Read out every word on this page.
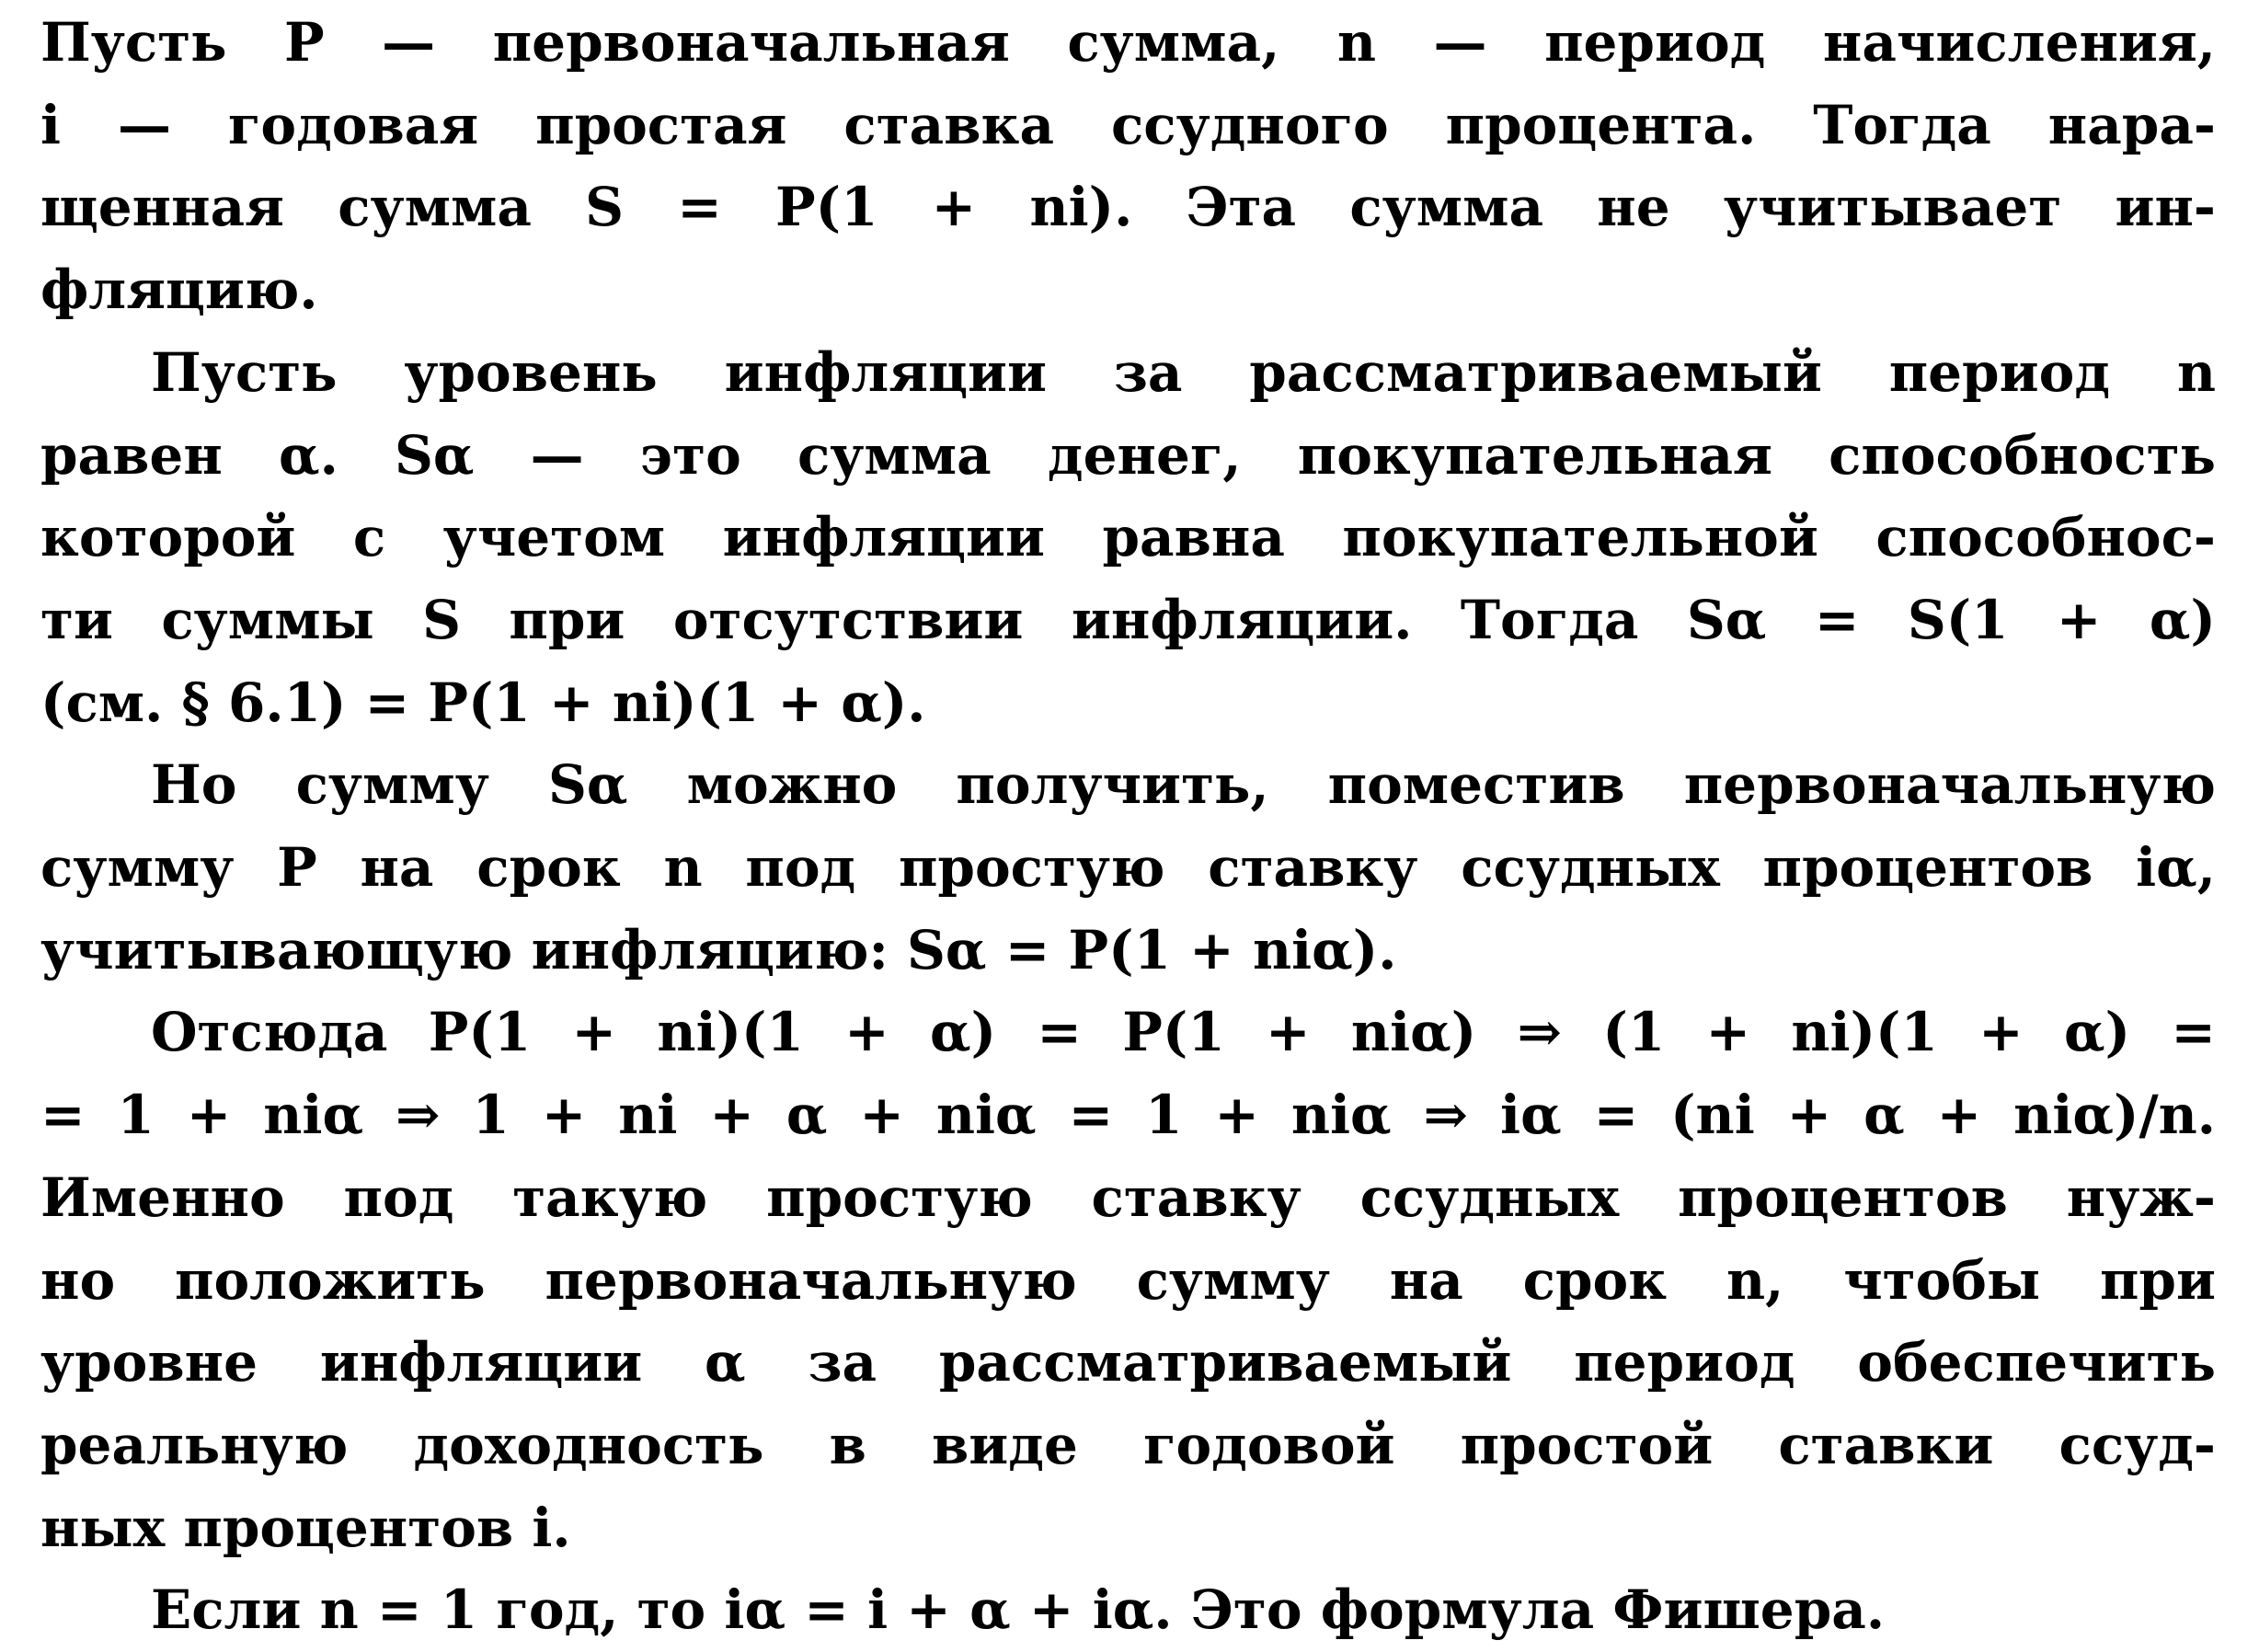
Пусть P — первоначальная сумма, n — период начисления,
i — годовая простая ставка ссудного процента. Тогда нара-
щенная сумма S = P(1 + ni). Эта сумма не учитывает ин-
фляцию.

Пусть уровень инфляции за рассматриваемый период n
равен α. Sα — это сумма денег, покупательная способность
которой с учетом инфляции равна покупательной способнос-
ти суммы S при отсутствии инфляции. Тогда Sα = S(1 + α)
(см. § 6.1) = P(1 + ni)(1 + α).

Но сумму Sα можно получить, поместив первоначальную
сумму P на срок n под простую ставку ссудных процентов iα,
учитывающую инфляцию: Sα = P(1 + niα).

Отсюда P(1 + ni)(1 + α) = P(1 + niα) ⇒ (1 + ni)(1 + α) =
= 1 + niα ⇒ 1 + ni + α + niα = 1 + niα ⇒ iα = (ni + α + niα)/n.
Именно под такую простую ставку ссудных процентов нуж-
но положить первоначальную сумму на срок n, чтобы при
уровне инфляции α за рассматриваемый период обеспечить
реальную доходность в виде годовой простой ставки ссуд-
ных процентов i.

Если n = 1 год, то iα = i + α + iα. Это формула Фишера.
